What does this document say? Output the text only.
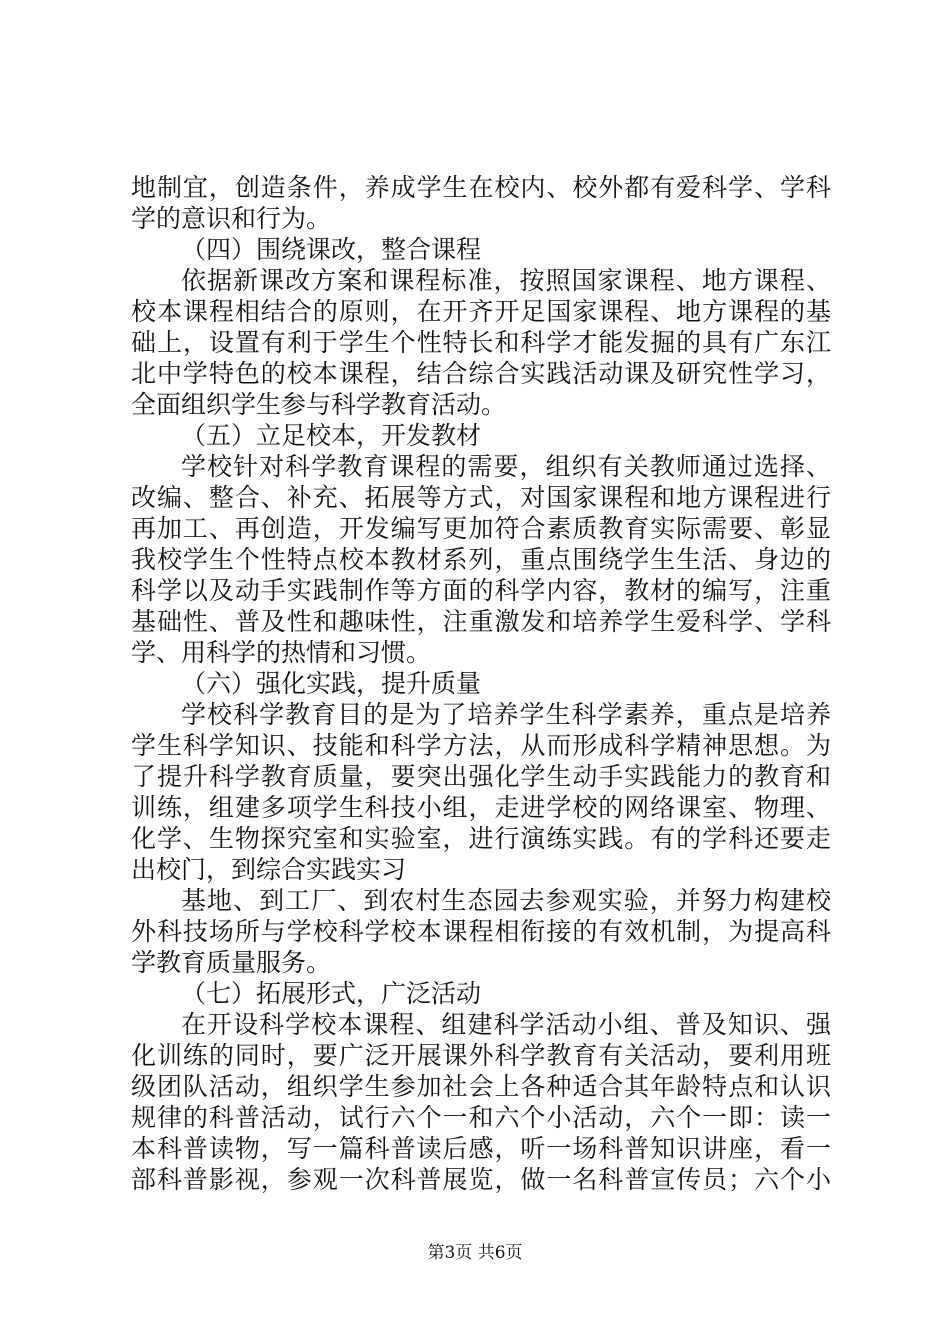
地制宜，创造条件，养成学生在校内、校外都有爱科学、学科
学的意识和行为。
（四）围绕课改，整合课程
依据新课改方案和课程标准，按照国家课程、地方课程、
校本课程相结合的原则，在开齐开足国家课程、地方课程的基
础上，设置有利于学生个性特长和科学才能发掘的具有广东江
北中学特色的校本课程，结合综合实践活动课及研究性学习，
全面组织学生参与科学教育活动。
（五）立足校本，开发教材
学校针对科学教育课程的需要，组织有关教师通过选择、
改编、整合、补充、拓展等方式，对国家课程和地方课程进行
再加工、再创造，开发编写更加符合素质教育实际需要、彰显
我校学生个性特点校本教材系列，重点围绕学生生活、身边的
科学以及动手实践制作等方面的科学内容，教材的编写，注重
基础性、普及性和趣味性，注重激发和培养学生爱科学、学科
学、用科学的热情和习惯。
（六）强化实践，提升质量
学校科学教育目的是为了培养学生科学素养，重点是培养
学生科学知识、技能和科学方法，从而形成科学精神思想。为
了提升科学教育质量，要突出强化学生动手实践能力的教育和
训练，组建多项学生科技小组，走进学校的网络课室、物理、
化学、生物探究室和实验室，进行演练实践。有的学科还要走
出校门，到综合实践实习
基地、到工厂、到农村生态园去参观实验，并努力构建校
外科技场所与学校科学校本课程相衔接的有效机制，为提高科
学教育质量服务。
（七）拓展形式，广泛活动
在开设科学校本课程、组建科学活动小组、普及知识、强
化训练的同时，要广泛开展课外科学教育有关活动，要利用班
级团队活动，组织学生参加社会上各种适合其年龄特点和认识
规律的科普活动，试行六个一和六个小活动，六个一即：读一
本科普读物，写一篇科普读后感，听一场科普知识讲座，看一
部科普影视，参观一次科普展览，做一名科普宣传员；六个小
第3页 共6页
